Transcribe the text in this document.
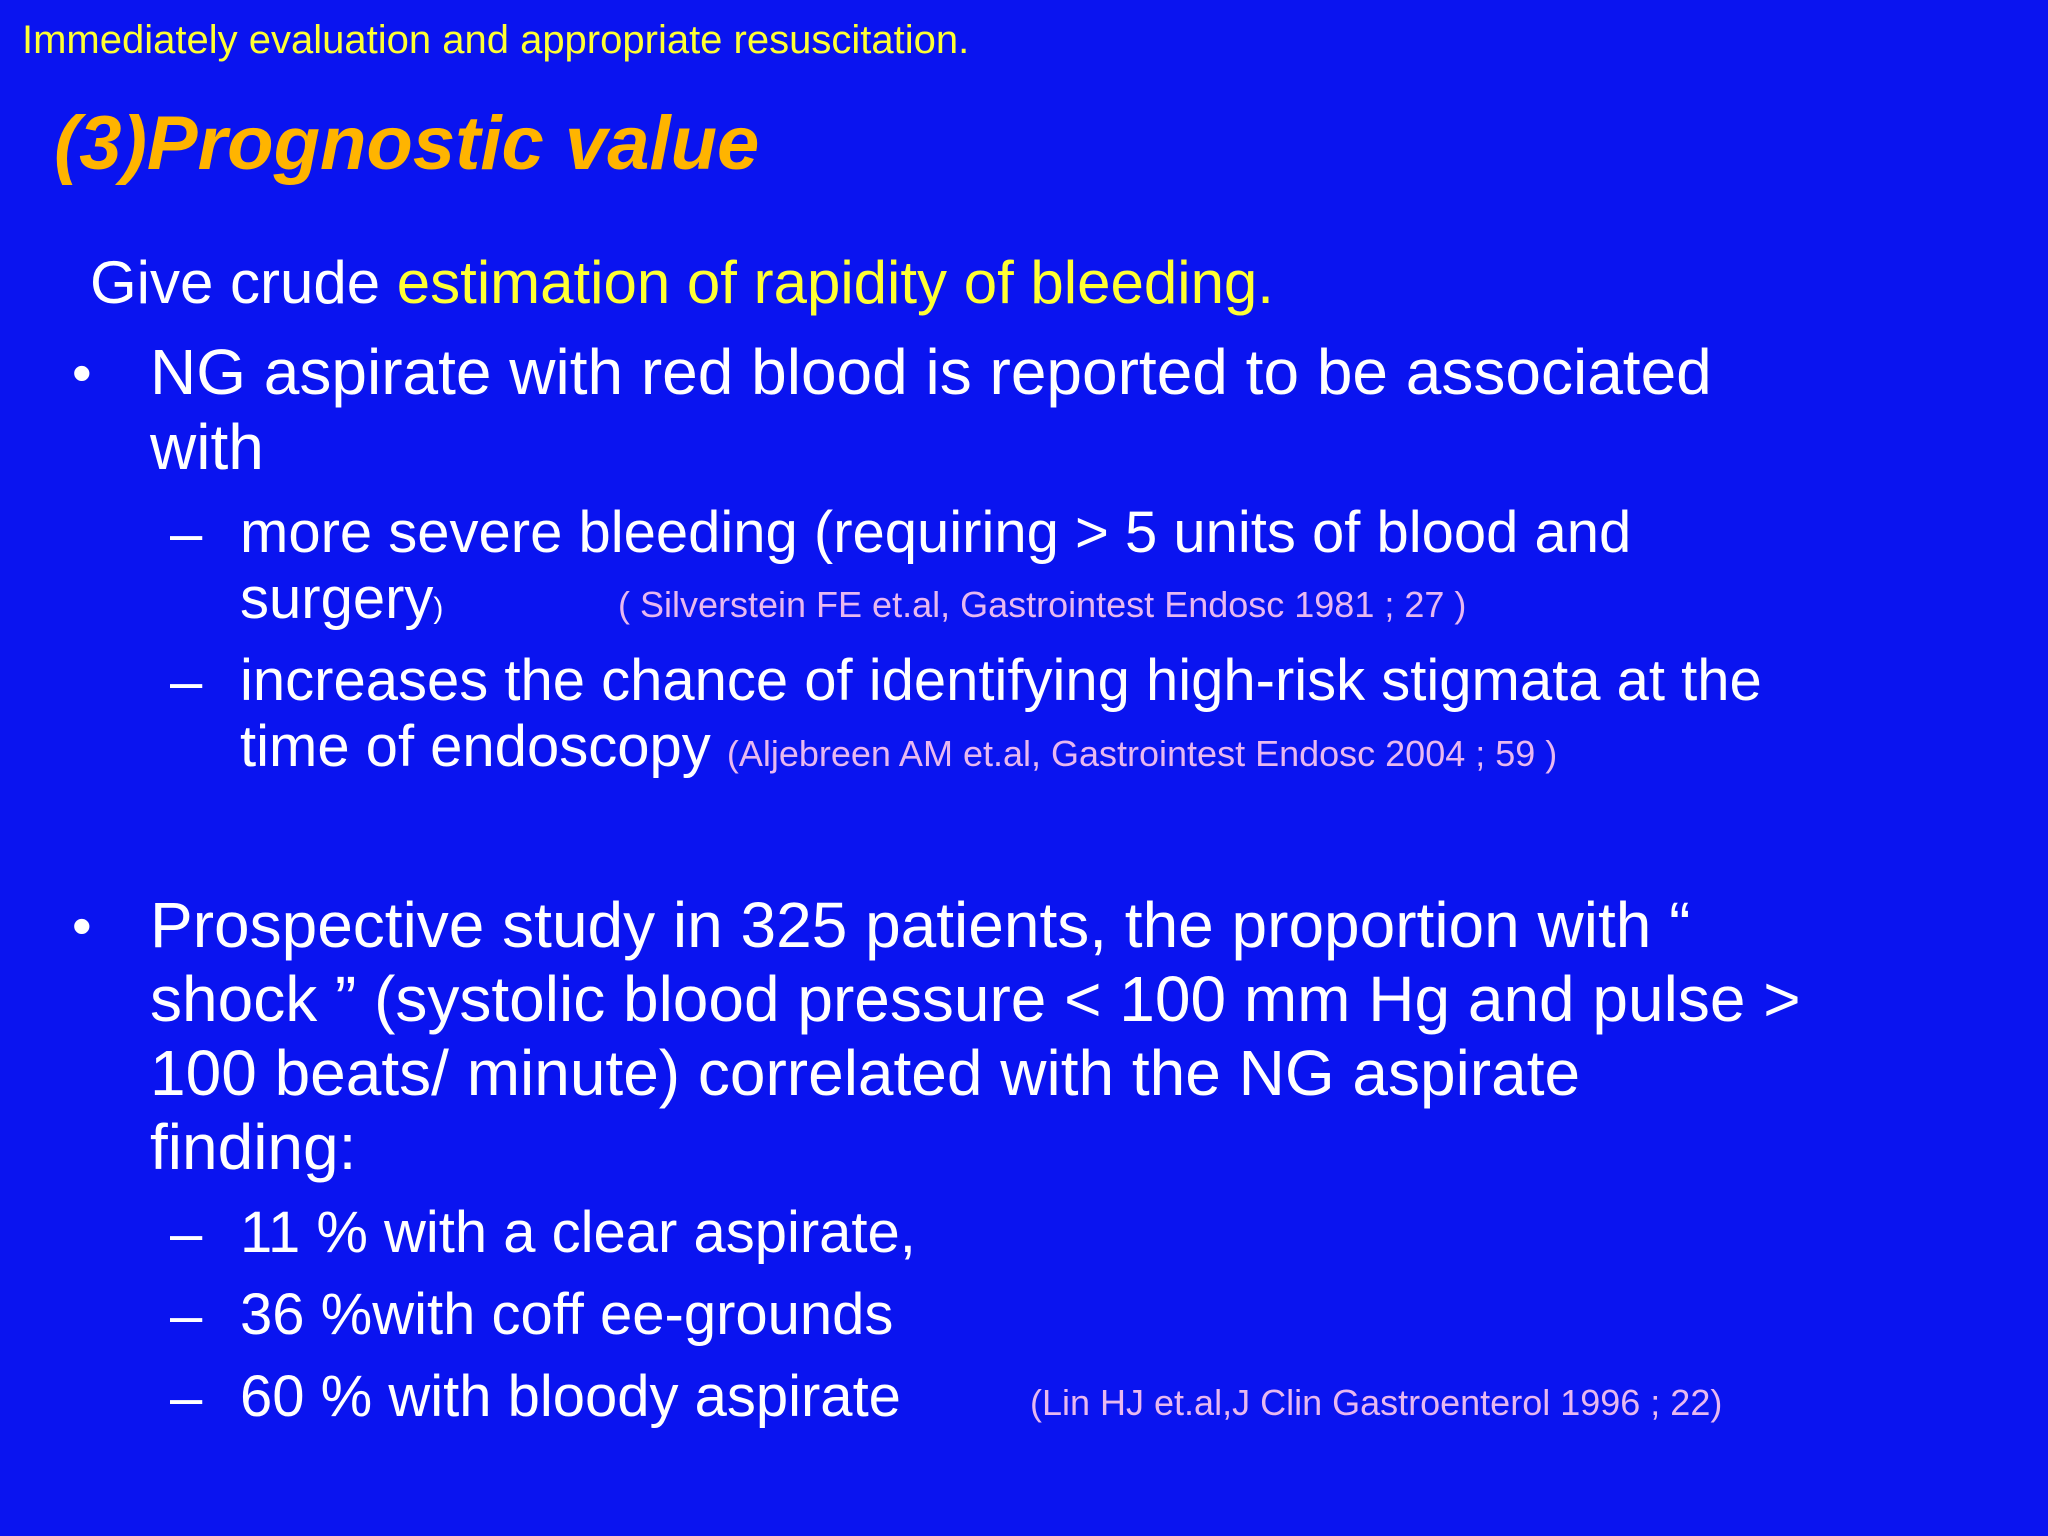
Immediately evaluation and appropriate resuscitation.
(3)Prognostic value
Give crude estimation of rapidity of bleeding.
• NG aspirate with red blood is reported to be associated
with
– more severe bleeding (requiring > 5 units of blood and
surgery)	( Silverstein FE et.al, Gastrointest Endosc 1981 ; 27 )
– increases the chance of identifying high-risk stigmata at the
time of endoscopy (Aljebreen AM et.al, Gastrointest Endosc 2004 ; 59 )
• Prospective study in 325 patients, the proportion with “
shock ” (systolic blood pressure < 100 mm Hg and pulse >
100 beats/ minute) correlated with the NG aspirate
finding:
– 11 % with a clear aspirate,
– 36 %with coff ee-grounds
– 60 % with bloody aspirate	(Lin HJ et.al,J Clin Gastroenterol 1996 ; 22)
